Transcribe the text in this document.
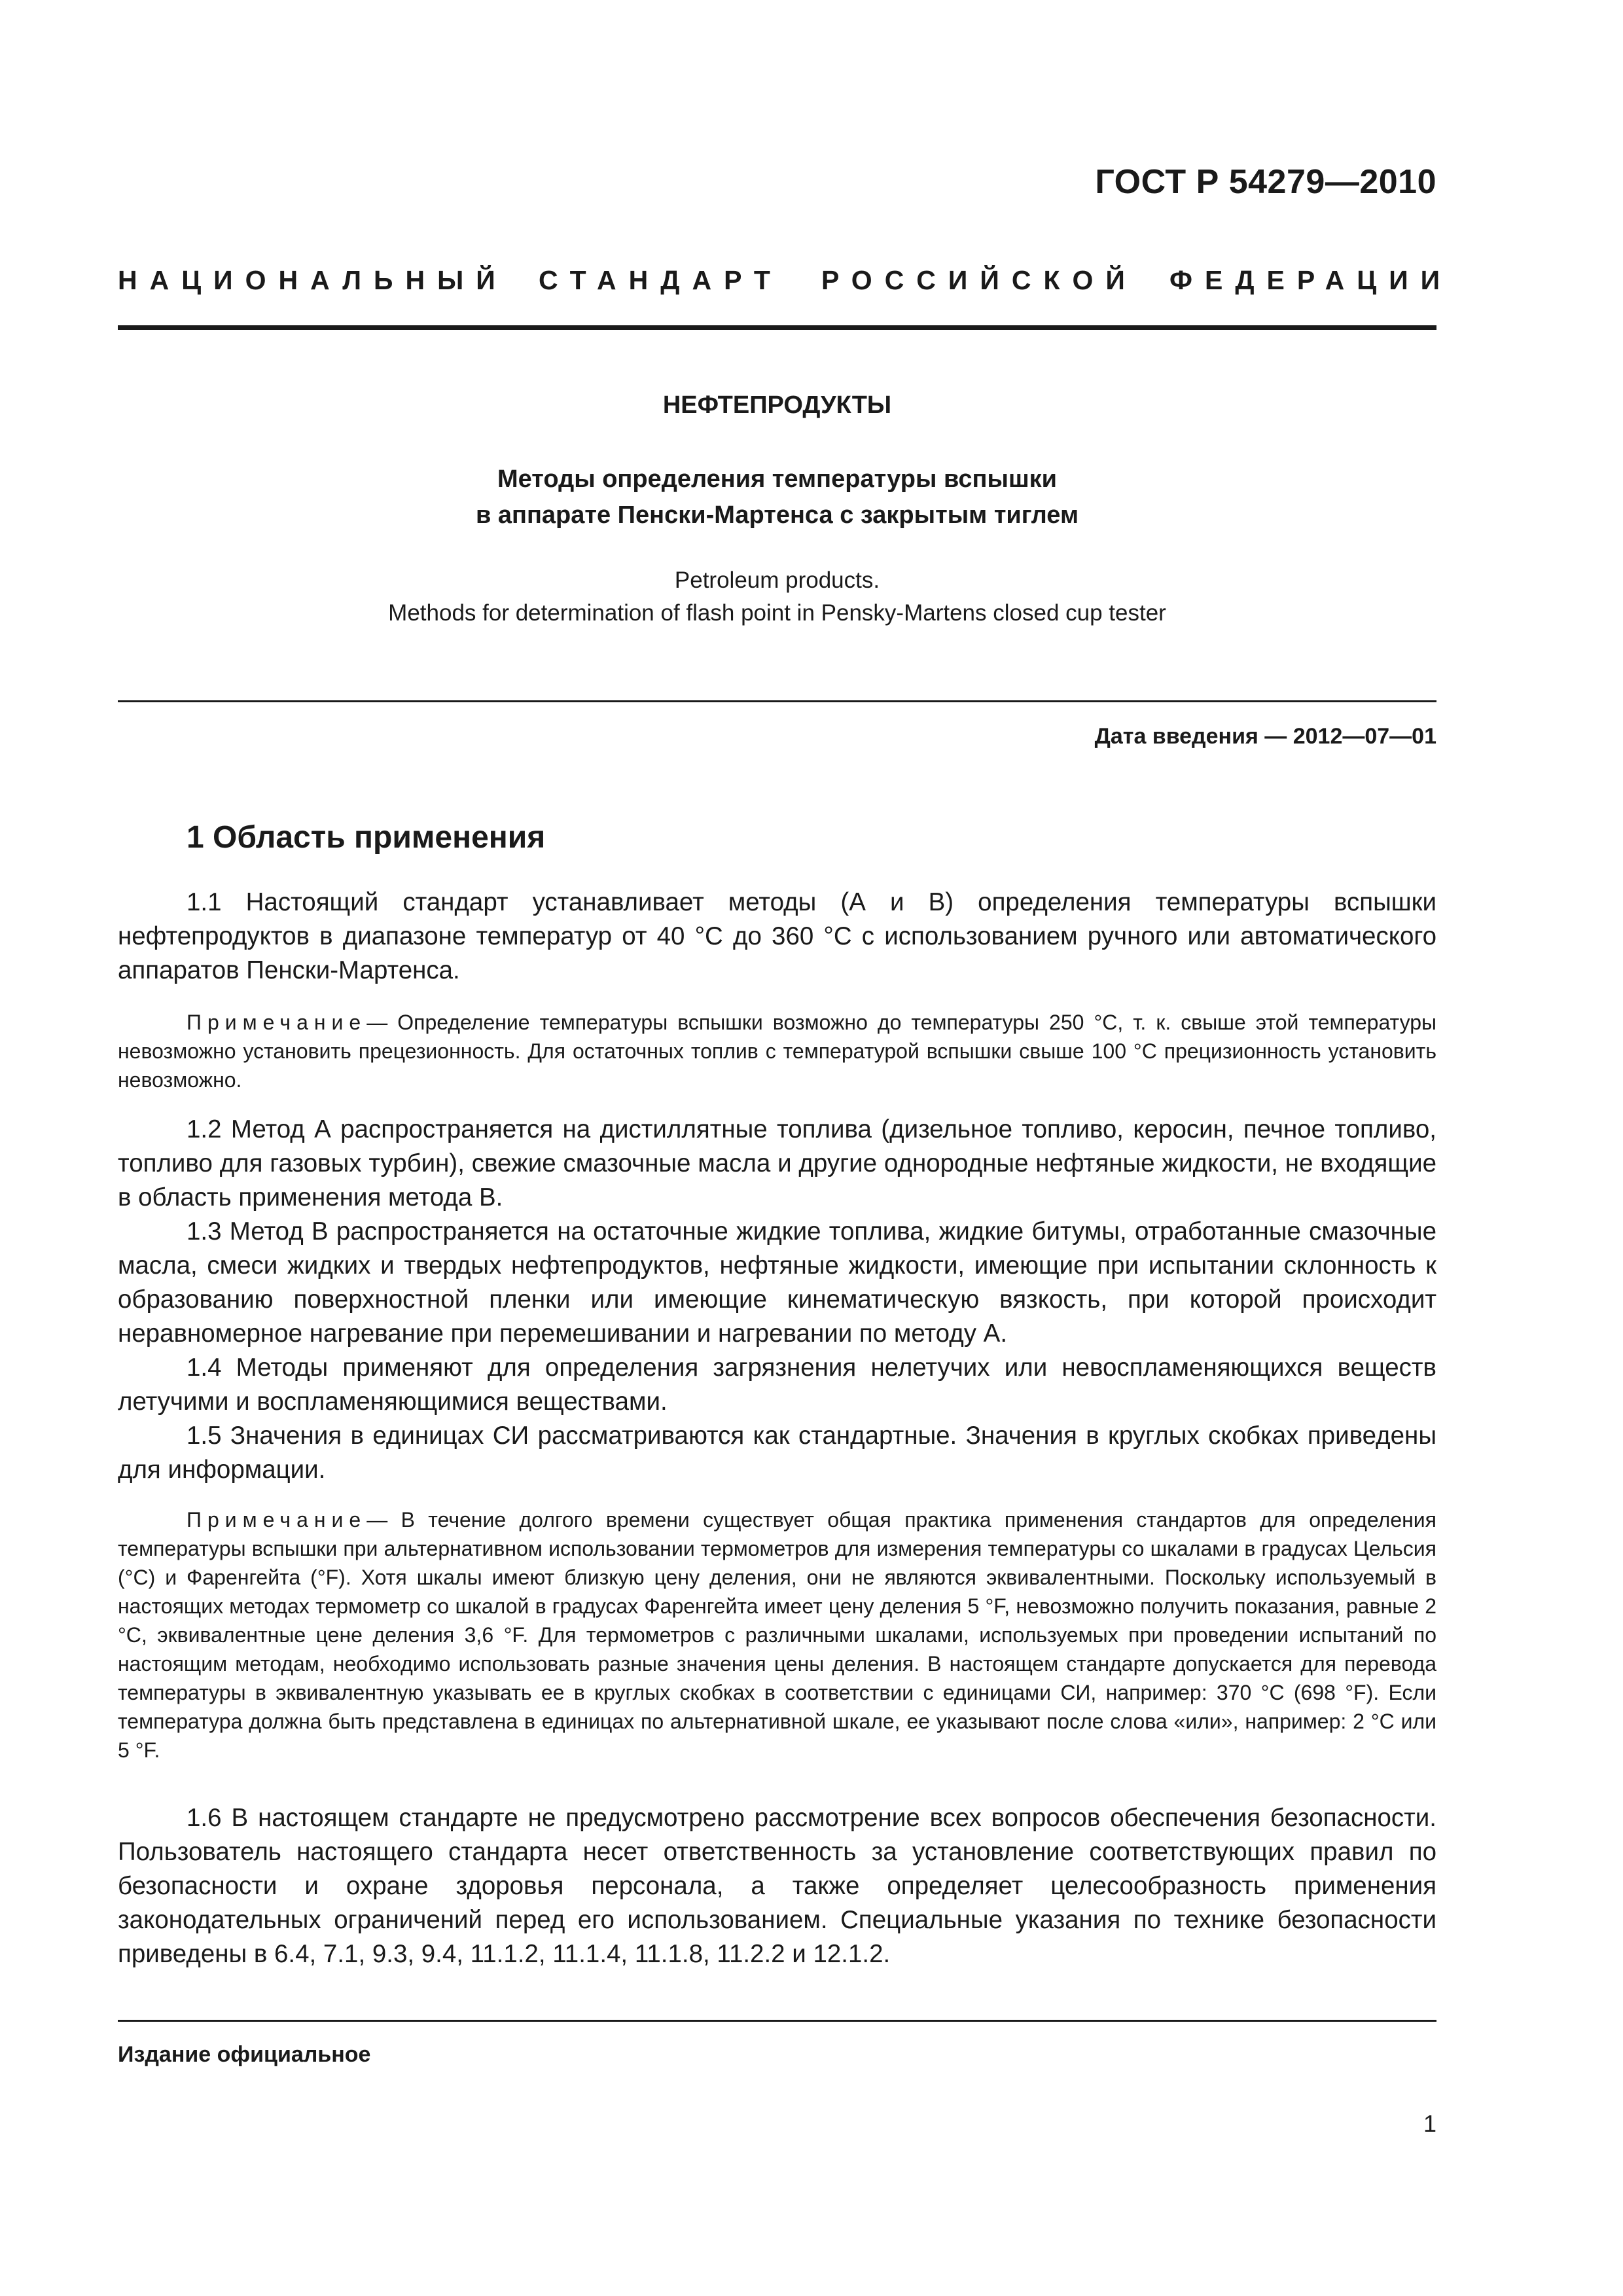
ГОСТ Р 54279—2010
НАЦИОНАЛЬНЫЙ СТАНДАРТ РОССИЙСКОЙ ФЕДЕРАЦИИ
НЕФТЕПРОДУКТЫ
Методы определения температуры вспышки
в аппарате Пенски-Мартенса с закрытым тиглем
Petroleum products.
Methods for determination of flash point in Pensky-Martens closed cup tester
Дата введения — 2012—07—01
1 Область применения

1.1 Настоящий стандарт устанавливает методы (А и В) определения температуры вспышки нефтепродуктов в диапазоне температур от 40 °С до 360 °С с использованием ручного или автоматического аппаратов Пенски-Мартенса.

Примечание— Определение температуры вспышки возможно до температуры 250 °С, т. к. свыше этой температуры невозможно установить прецезионность. Для остаточных топлив с температурой вспышки свыше 100 °С прецизионность установить невозможно.

1.2 Метод А распространяется на дистиллятные топлива (дизельное топливо, керосин, печное топливо, топливо для газовых турбин), свежие смазочные масла и другие однородные нефтяные жидкости, не входящие в область применения метода В.

1.3 Метод В распространяется на остаточные жидкие топлива, жидкие битумы, отработанные смазочные масла, смеси жидких и твердых нефтепродуктов, нефтяные жидкости, имеющие при испытании склонность к образованию поверхностной пленки или имеющие кинематическую вязкость, при которой происходит неравномерное нагревание при перемешивании и нагревании по методу А.

1.4 Методы применяют для определения загрязнения нелетучих или невоспламеняющихся веществ летучими и воспламеняющимися веществами.

1.5 Значения в единицах СИ рассматриваются как стандартные. Значения в круглых скобках приведены для информации.

Примечание— В течение долгого времени существует общая практика применения стандартов для определения температуры вспышки при альтернативном использовании термометров для измерения температуры со шкалами в градусах Цельсия (°С) и Фаренгейта (°F). Хотя шкалы имеют близкую цену деления, они не являются эквивалентными. Поскольку используемый в настоящих методах термометр со шкалой в градусах Фаренгейта имеет цену деления 5 °F, невозможно получить показания, равные 2 °С, эквивалентные цене деления 3,6 °F. Для термометров с различными шкалами, используемых при проведении испытаний по настоящим методам, необходимо использовать разные значения цены деления. В настоящем стандарте допускается для перевода температуры в эквивалентную указывать ее в круглых скобках в соответствии с единицами СИ, например: 370 °С (698 °F). Если температура должна быть представлена в единицах по альтернативной шкале, ее указывают после слова «или», например: 2 °С или 5 °F.

1.6 В настоящем стандарте не предусмотрено рассмотрение всех вопросов обеспечения безопасности. Пользователь настоящего стандарта несет ответственность за установление соответствующих правил по безопасности и охране здоровья персонала, а также определяет целесообразность применения законодательных ограничений перед его использованием. Специальные указания по технике безопасности приведены в 6.4, 7.1, 9.3, 9.4, 11.1.2, 11.1.4, 11.1.8, 11.2.2 и 12.1.2.

Издание официальное
1
